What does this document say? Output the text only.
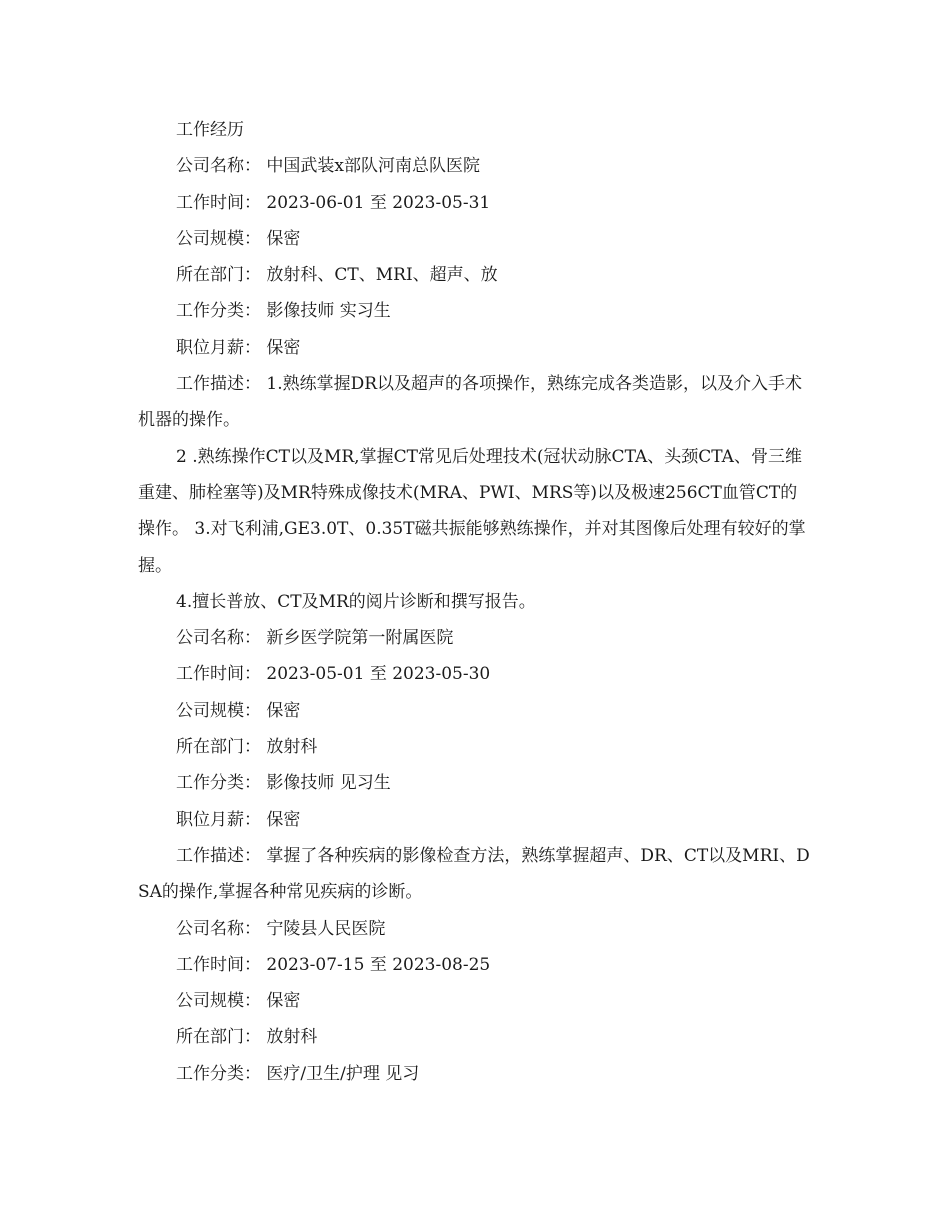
工作经历

公司名称： 中国武装x部队河南总队医院

工作时间： 2023-06-01 至 2023-05-31

公司规模： 保密

所在部门： 放射科、CT、MRI、超声、放

工作分类： 影像技师 实习生

职位月薪： 保密

工作描述： 1.熟练掌握DR以及超声的各项操作，熟练完成各类造影，以及介入手术机器的操作。

2 .熟练操作CT以及MR,掌握CT常见后处理技术(冠状动脉CTA、头颈CTA、骨三维重建、肺栓塞等)及MR特殊成像技术(MRA、PWI、MRS等)以及极速256CT血管CT的操作。 3.对飞利浦,GE3.0T、0.35T磁共振能够熟练操作，并对其图像后处理有较好的掌握。

4.擅长普放、CT及MR的阅片诊断和撰写报告。

公司名称： 新乡医学院第一附属医院

工作时间： 2023-05-01 至 2023-05-30

公司规模： 保密

所在部门： 放射科

工作分类： 影像技师 见习生

职位月薪： 保密

工作描述： 掌握了各种疾病的影像检查方法，熟练掌握超声、DR、CT以及MRI、DSA的操作,掌握各种常见疾病的诊断。

公司名称： 宁陵县人民医院

工作时间： 2023-07-15 至 2023-08-25

公司规模： 保密

所在部门： 放射科

工作分类： 医疗/卫生/护理 见习
